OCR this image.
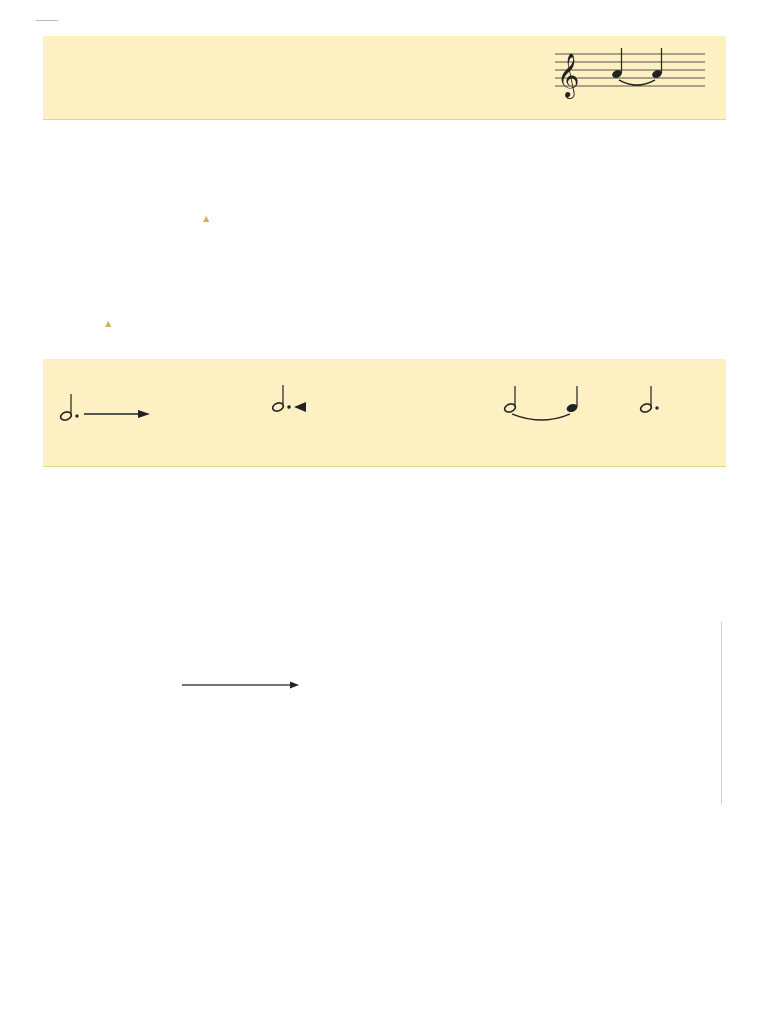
𝄞
▲
▲
